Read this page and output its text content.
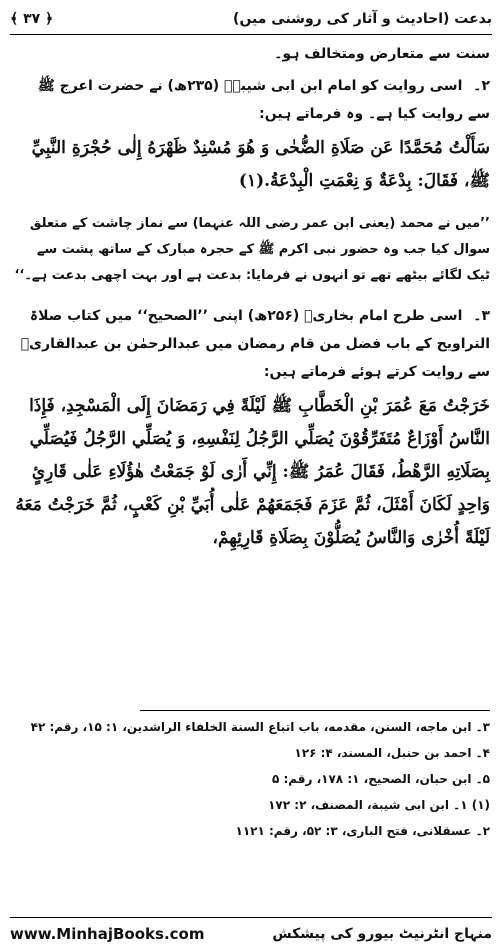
بدعت (احادیث و آثار کی روشنی میں)
﴿ ۳۷ ﴾

سنت سے متعارض ومتخالف ہو۔

۲۔ اسی روایت کو امام ابن ابی شیبہؒ (۲۳۵ھ) نے حضرت اعرج ﷺ سے روایت کیا ہے۔ وہ فرماتے ہیں:

سَأَلْتُ مُحَمَّدًا عَن صَلَاةِ الضُّحٰی وَ هُوَ مُسْنِدٌ ظَهْرَهُ إِلٰی حُجْرَةِ النَّبِيِّ ﷺ، فَقَالَ: بِدْعَةٌ وَ نِعْمَتِ الْبِدْعَةُ.(١)

’’میں نے محمد (یعنی ابن عمر رضی اللہ عنہما) سے نماز چاشت کے متعلق سوال کیا جب وہ حضور نبی اکرم ﷺ کے حجرہ مبارک کے ساتھ پشت سے ٹیک لگائے بیٹھے تھے تو انہوں نے فرمایا: بدعت ہے اور بہت اچھی بدعت ہے۔‘‘

۳۔ اسی طرح امام بخاریؒ (۲۵۶ھ) اپنی ’’الصحیح‘‘ میں کتاب صلاۃ التراویح کے باب فضل من قام رمضان میں عبدالرحمٰن بن عبدالقاریؒ سے روایت کرتے ہوئے فرماتے ہیں:

خَرَجْتُ مَعَ عُمَرَ بْنِ الْخَطَّابِ ﷺ لَيْلَةً فِي رَمَضَانَ إِلَی الْمَسْجِدِ، فَإِذَا النَّاسُ أَوْزَاعٌ مُتَفَرِّقُوْنَ يُصَلِّي الرَّجُلُ لِنَفْسِهِ، وَ يُصَلِّي الرَّجُلُ فَيُصَلِّي بِصَلَاتِهِ الرَّهْطُ، فَقَالَ عُمَرُ ﷺ: إِنِّي أَرٰی لَوْ جَمَعْتُ هٰؤُلَاءِ عَلٰی قَارِیٍٔ وَاحِدٍ لَكَانَ أَمْثَلَ، ثُمَّ عَزَمَ فَجَمَعَهُمْ عَلٰی أُبَيِّ بْنِ كَعْبٍ، ثُمَّ خَرَجْتُ مَعَهُ لَيْلَةً أُخْرٰی وَالنَّاسُ يُصَلُّوْنَ بِصَلَاةِ قَارِئِهِمْ،

۳۔ ابن ماجه، السنن، مقدمه، باب اتباع السنة الخلفاء الراشدين، ۱: ۱۵، رقم: ۴۲

۴۔ احمد بن حنبل، المسند، ۴: ۱۲۶

۵۔ ابن حبان، الصحيح، ۱: ۱۷۸، رقم: ۵

(۱) ۱۔ ابن ابی شيبة، المصنف، ۲: ۱۷۲

۲۔ عسقلانی، فتح الباری، ۳: ۵۲، رقم: ۱۱۲۱

www.MinhajBooks.com	منہاج انٹرنیٹ بیورو کی پیشکش
